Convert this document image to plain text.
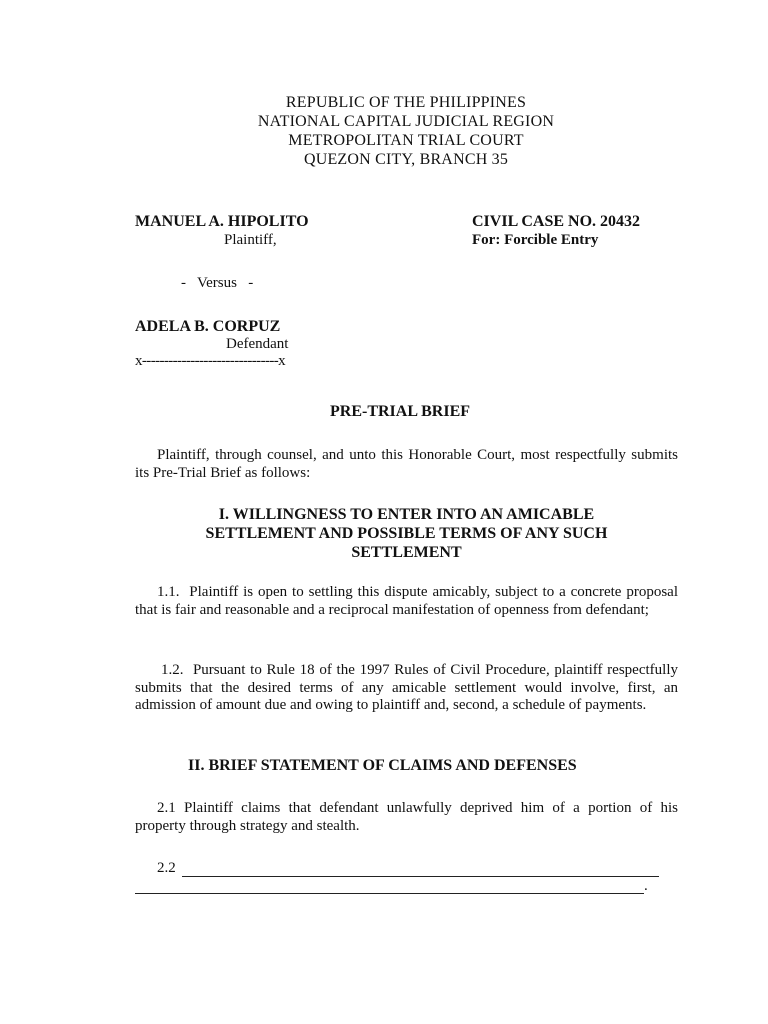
REPUBLIC OF THE PHILIPPINES
NATIONAL CAPITAL JUDICIAL REGION
METROPOLITAN TRIAL COURT
QUEZON CITY, BRANCH 35
MANUEL A. HIPOLITO
Plaintiff,
-   Versus   -
ADELA B. CORPUZ
Defendant
x-------------------------------x
CIVIL CASE NO. 20432
For: Forcible Entry
PRE-TRIAL BRIEF
Plaintiff, through counsel, and unto this Honorable Court, most respectfully submits its Pre-Trial Brief as follows:
I. WILLINGNESS TO ENTER INTO AN AMICABLE
SETTLEMENT AND POSSIBLE TERMS OF ANY SUCH
SETTLEMENT
1.1.  Plaintiff is open to settling this dispute amicably, subject to a concrete proposal that is fair and reasonable and a reciprocal manifestation of openness from defendant;
1.2.  Pursuant to Rule 18 of the 1997 Rules of Civil Procedure, plaintiff respectfully submits that the desired terms of any amicable settlement would involve, first, an admission of amount due and owing to plaintiff and, second, a schedule of payments.
II. BRIEF STATEMENT OF CLAIMS AND DEFENSES
2.1 Plaintiff claims that defendant unlawfully deprived him of a portion of his property through strategy and stealth.
2.2
.
